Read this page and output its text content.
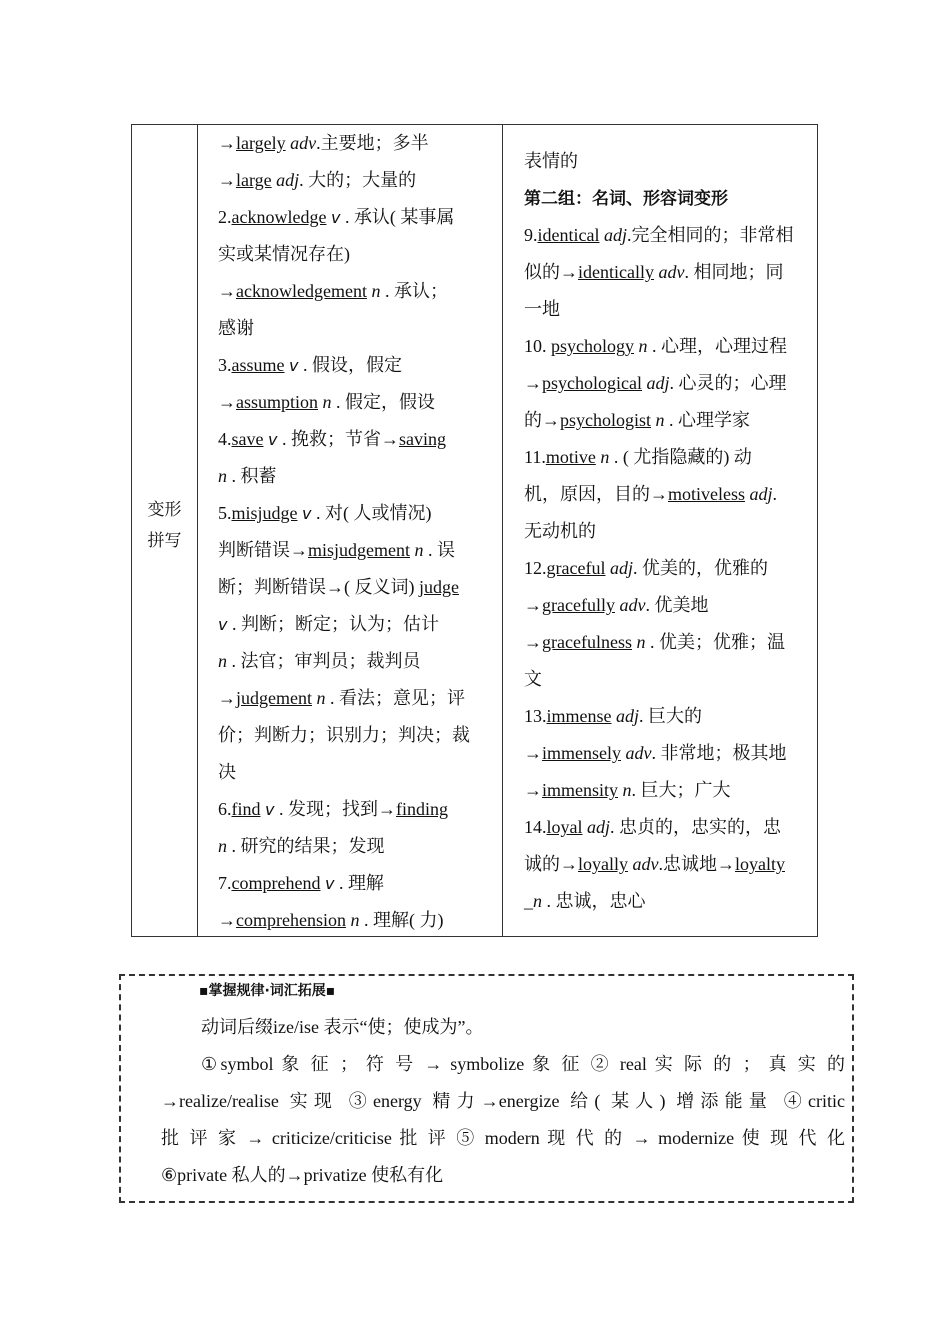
变形
拼写
→largely adv.主要地；多半
→large adj. 大的；大量的
2.acknowledge v . 承认( 某事属
实或某情况存在)
→acknowledgement n . 承认；
感谢
3.assume v . 假设，假定
→assumption n . 假定，假设
4.save v . 挽救；节省→saving
n . 积蓄
5.misjudge v . 对( 人或情况)
判断错误→misjudgement n . 误
断；判断错误→( 反义词) judge
v . 判断；断定；认为；估计
n . 法官；审判员；裁判员
→judgement n . 看法；意见；评
价；判断力；识别力；判决；裁
决
6.find v . 发现；找到→finding
n . 研究的结果；发现
7.comprehend v . 理解
→comprehension n . 理解( 力)
表情的
第二组：名词、形容词变形
9.identical adj.完全相同的；非常相
似的→identically adv. 相同地；同
一地
10. psychology n . 心理，心理过程
→psychological adj. 心灵的；心理
的→psychologist n . 心理学家
11.motive n . ( 尤指隐藏的) 动
机，原因，目的→motiveless adj.
无动机的
12.graceful adj. 优美的，优雅的
→gracefully adv. 优美地
→gracefulness n . 优美；优雅；温
文
13.immense adj. 巨大的
→immensely adv. 非常地；极其地
→immensity n. 巨大；广大
14.loyal adj. 忠贞的，忠实的，忠
诚的→loyally adv.忠诚地→loyalty
_n . 忠诚，忠心
▪掌握规律·词汇拓展▪
动词后缀ize/ise 表示“使；使成为”。
①symbol 象 征 ； 符 号 → symbolize 象 征 ② real 实 际 的 ； 真 实 的
→realize/realise 实现 ③energy 精力→energize 给( 某人) 增添能量 ④critic
批 评 家 → criticize/criticise 批 评 ⑤ modern 现 代 的 → modernize 使 现 代 化
⑥private 私人的→privatize 使私有化
